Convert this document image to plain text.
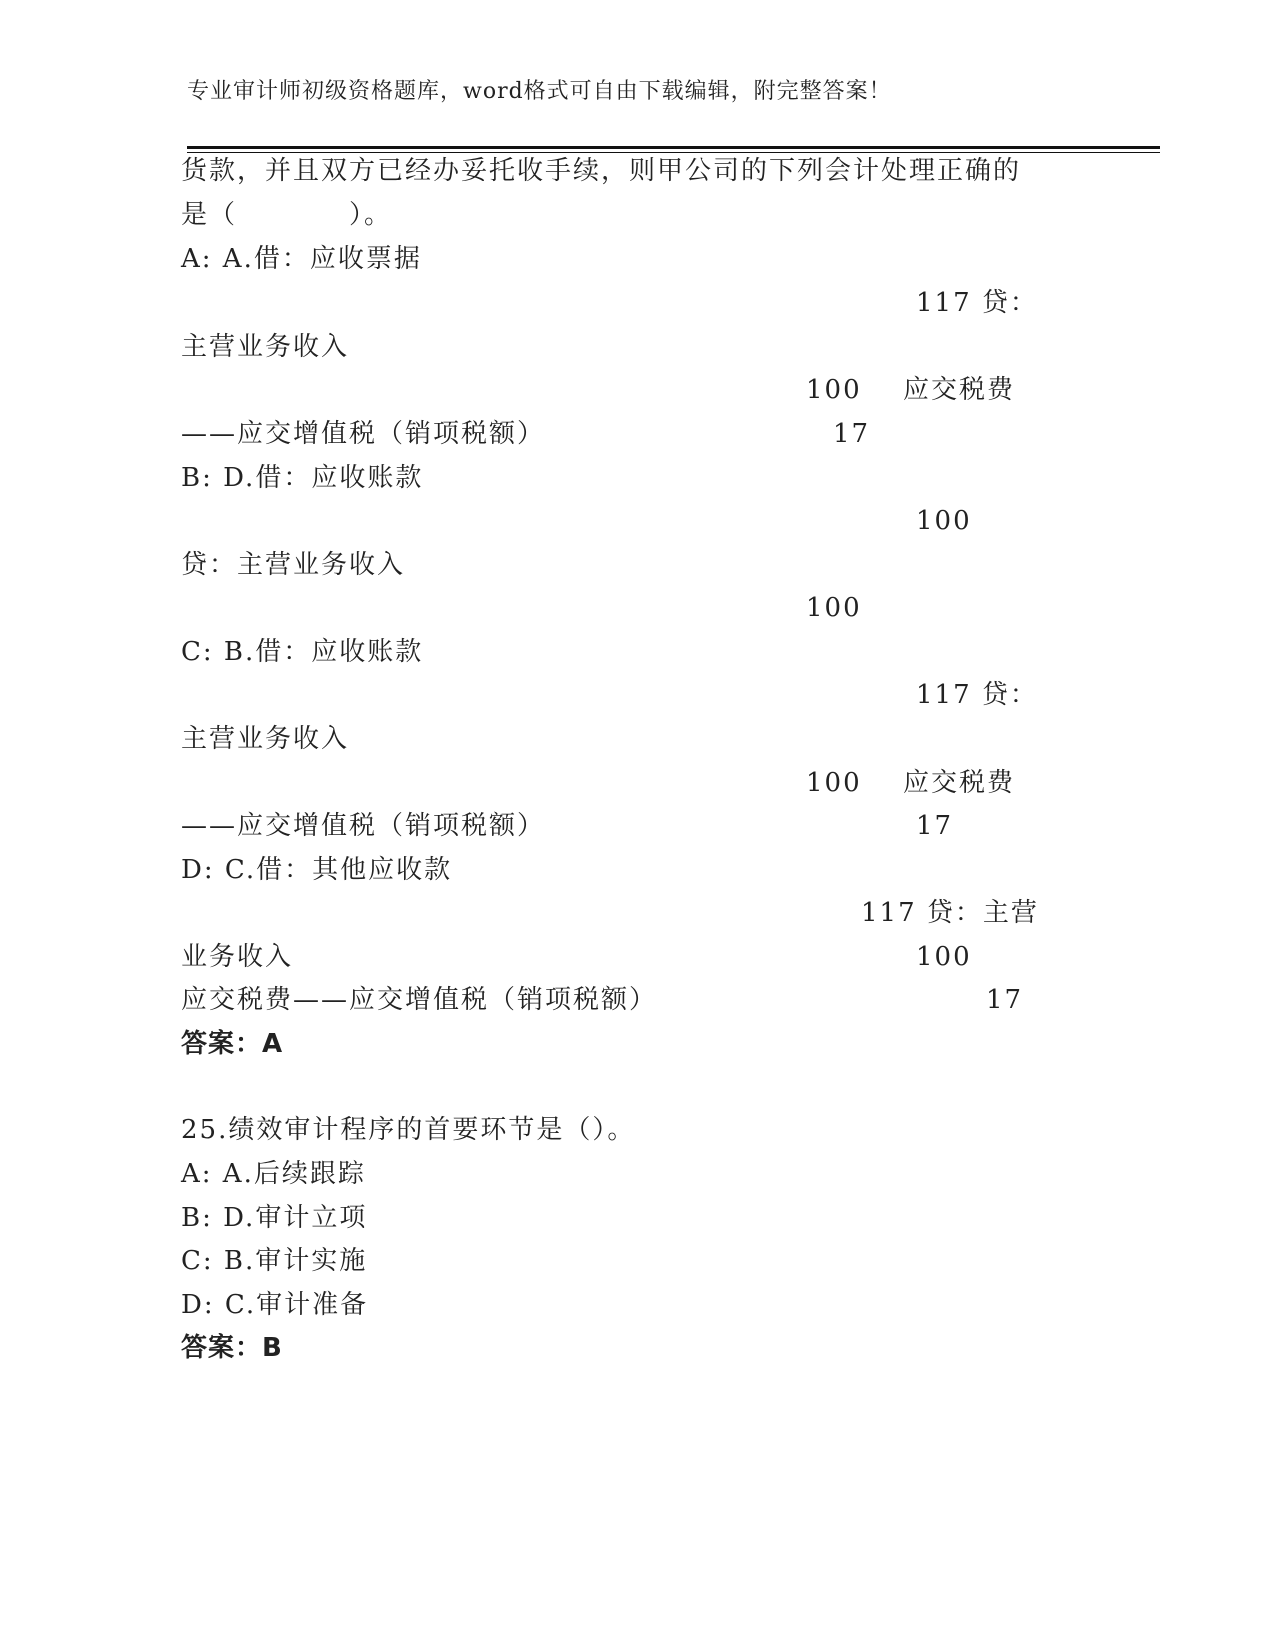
专业审计师初级资格题库，word格式可自由下载编辑，附完整答案！
货款，并且双方已经办妥托收手续，则甲公司的下列会计处理正确的
是（　　　　）。
A: A.借：应收票据
117 贷：
主营业务收入
100 应交税费
——应交增值税（销项税额）	17
B: D.借：应收账款
100
贷：主营业务收入
100
C: B.借：应收账款
117 贷：
主营业务收入
100 应交税费
——应交增值税（销项税额）	17
D: C.借：其他应收款
117 贷：主营
业务收入	100
应交税费——应交增值税（销项税额）	17
答案：A
25.绩效审计程序的首要环节是（）。
A: A.后续跟踪
B: D.审计立项
C: B.审计实施
D: C.审计准备
答案：B
